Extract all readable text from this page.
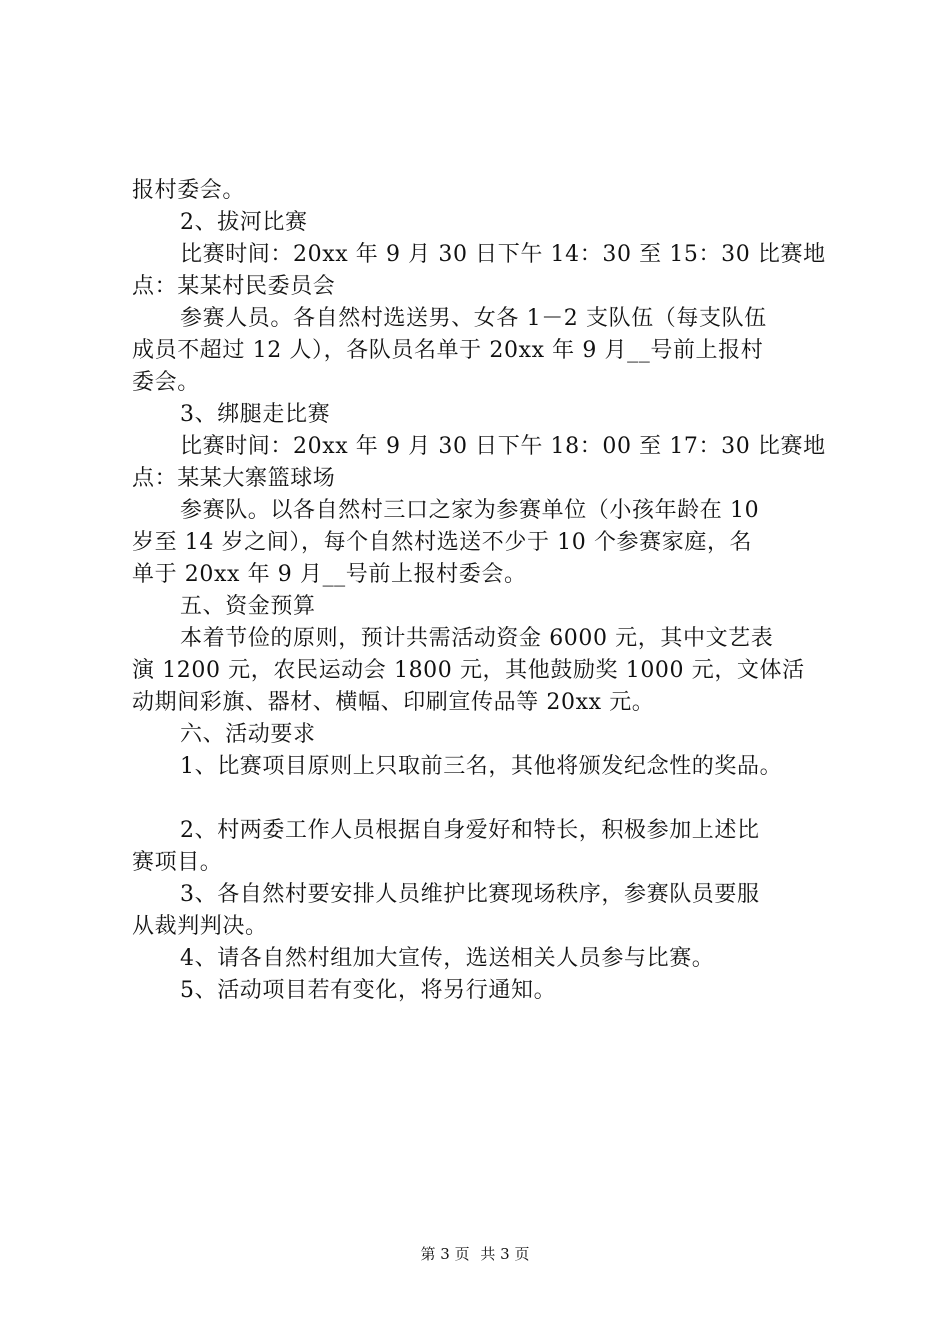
报村委会。
2、拔河比赛
比赛时间：20xx 年 9 月 30 日下午 14：30 至 15：30 比赛地
点：某某村民委员会
参赛人员。各自然村选送男、女各 1－2 支队伍（每支队伍
成员不超过 12 人），各队员名单于 20xx 年 9 月__号前上报村
委会。
3、绑腿走比赛
比赛时间：20xx 年 9 月 30 日下午 18：00 至 17：30 比赛地
点：某某大寨篮球场
参赛队。以各自然村三口之家为参赛单位（小孩年龄在 10
岁至 14 岁之间），每个自然村选送不少于 10 个参赛家庭，名
单于 20xx 年 9 月__号前上报村委会。
五、资金预算
本着节俭的原则，预计共需活动资金 6000 元，其中文艺表
演 1200 元，农民运动会 1800 元，其他鼓励奖 1000 元，文体活
动期间彩旗、器材、横幅、印刷宣传品等 20xx 元。
六、活动要求
1、比赛项目原则上只取前三名，其他将颁发纪念性的奖品。
2、村两委工作人员根据自身爱好和特长，积极参加上述比
赛项目。
3、各自然村要安排人员维护比赛现场秩序，参赛队员要服
从裁判判决。
4、请各自然村组加大宣传，选送相关人员参与比赛。
5、活动项目若有变化，将另行通知。
第 3 页 共 3 页
